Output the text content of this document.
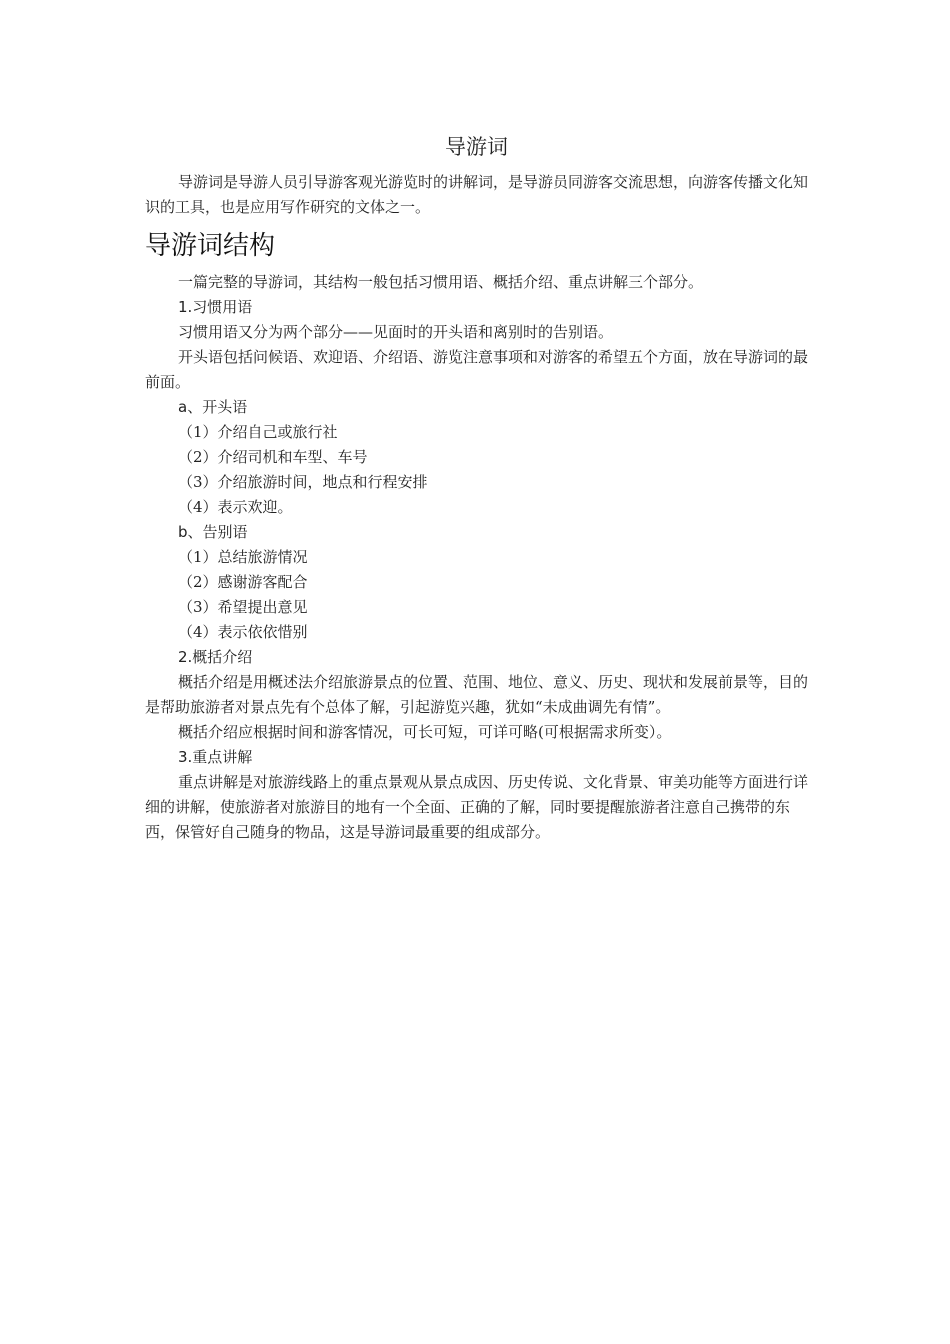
导游词

导游词是导游人员引导游客观光游览时的讲解词，是导游员同游客交流思想，向游客传播文化知识的工具，也是应用写作研究的文体之一。

导游词结构

一篇完整的导游词，其结构一般包括习惯用语、概括介绍、重点讲解三个部分。

1.习惯用语

习惯用语又分为两个部分——见面时的开头语和离别时的告别语。

开头语包括问候语、欢迎语、介绍语、游览注意事项和对游客的希望五个方面，放在导游词的最前面。

a、开头语

（1）介绍自己或旅行社

（2）介绍司机和车型、车号

（3）介绍旅游时间，地点和行程安排

（4）表示欢迎。

b、告别语

（1）总结旅游情况

（2）感谢游客配合

（3）希望提出意见

（4）表示依依惜别

2.概括介绍

概括介绍是用概述法介绍旅游景点的位置、范围、地位、意义、历史、现状和发展前景等，目的是帮助旅游者对景点先有个总体了解，引起游览兴趣，犹如“未成曲调先有情”。

概括介绍应根据时间和游客情况，可长可短，可详可略(可根据需求所变）。

3.重点讲解

重点讲解是对旅游线路上的重点景观从景点成因、历史传说、文化背景、审美功能等方面进行详细的讲解，使旅游者对旅游目的地有一个全面、正确的了解，同时要提醒旅游者注意自己携带的东西，保管好自己随身的物品，这是导游词最重要的组成部分。
